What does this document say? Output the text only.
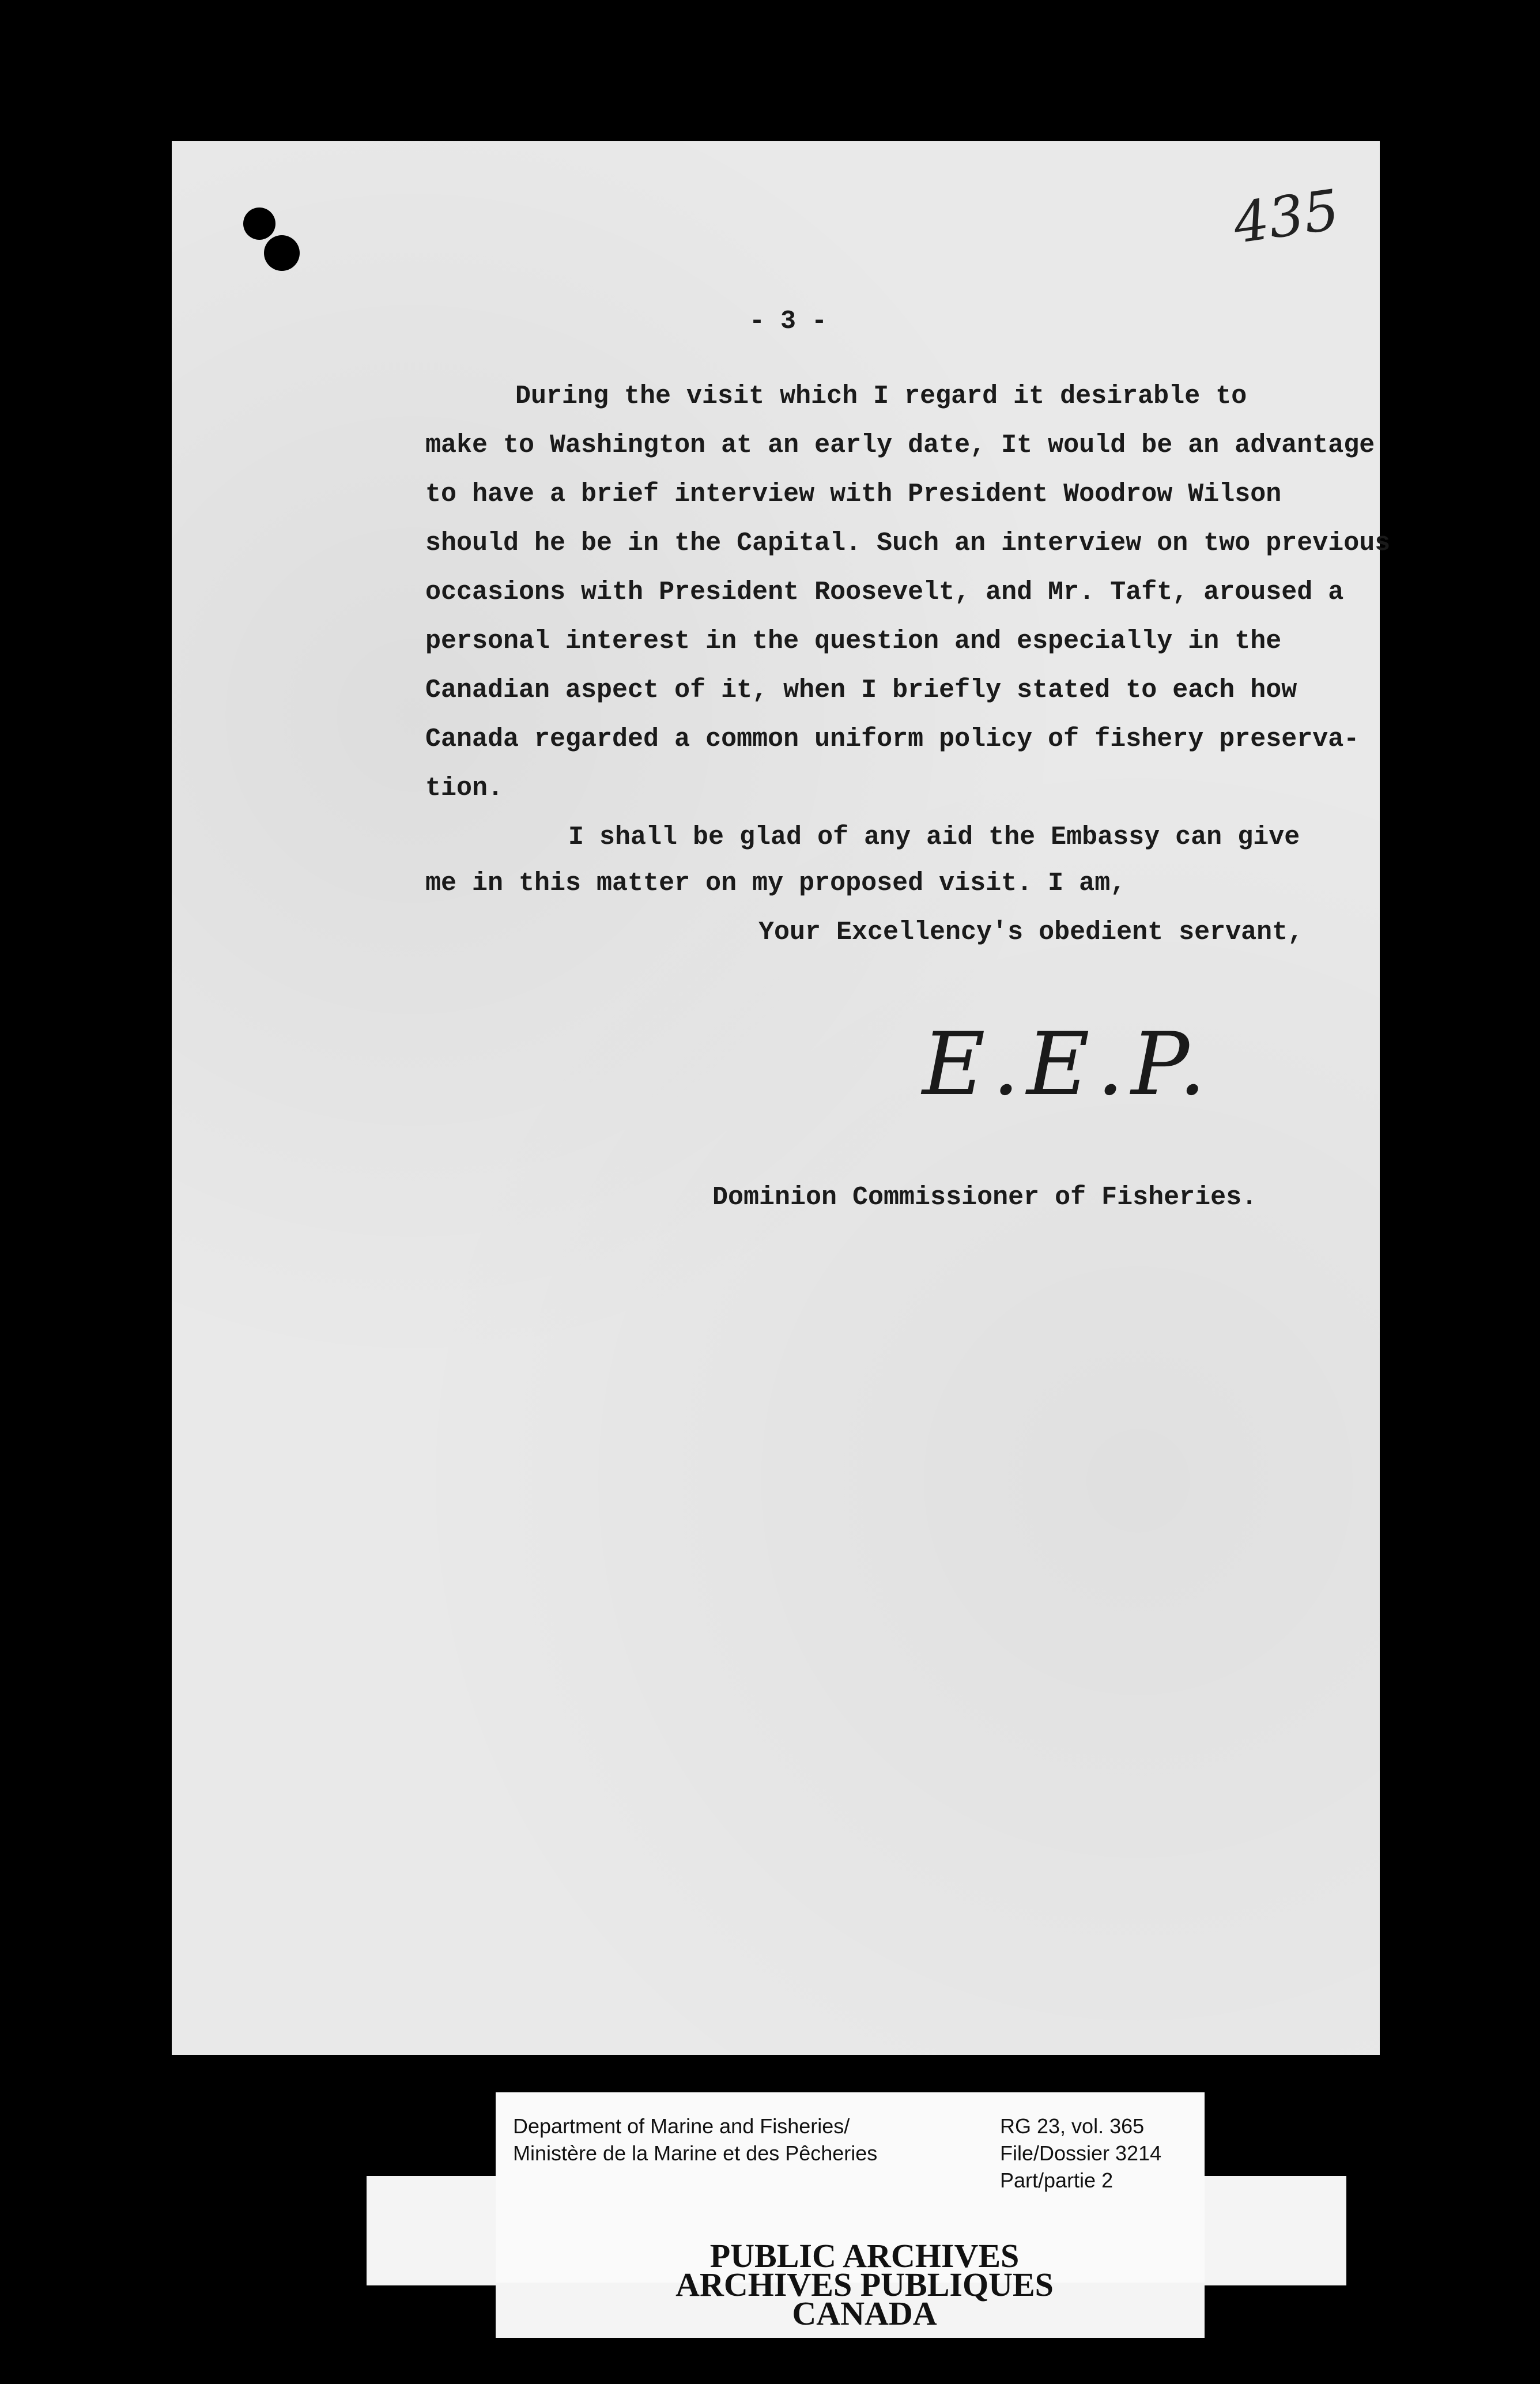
435
- 3 -
During the visit which I regard it desirable to
make to Washington at an early date, It would be an advantage
to have a brief interview with President Woodrow Wilson
should he be in the Capital. Such an interview on two previous
occasions with President Roosevelt, and Mr. Taft, aroused a
personal interest in the question and especially in the
Canadian aspect of it, when I briefly stated to each how
Canada regarded a common uniform policy of fishery preserva-
tion.
I shall be glad of any aid the Embassy can give
me in this matter on my proposed visit. I am,
Your Excellency's obedient servant,
E.E.P.
Dominion Commissioner of Fisheries.
Department of Marine and Fisheries/
Ministère de la Marine et des Pêcheries
RG 23, vol. 365
File/Dossier 3214
Part/partie 2
PUBLIC ARCHIVES
ARCHIVES PUBLIQUES
CANADA
